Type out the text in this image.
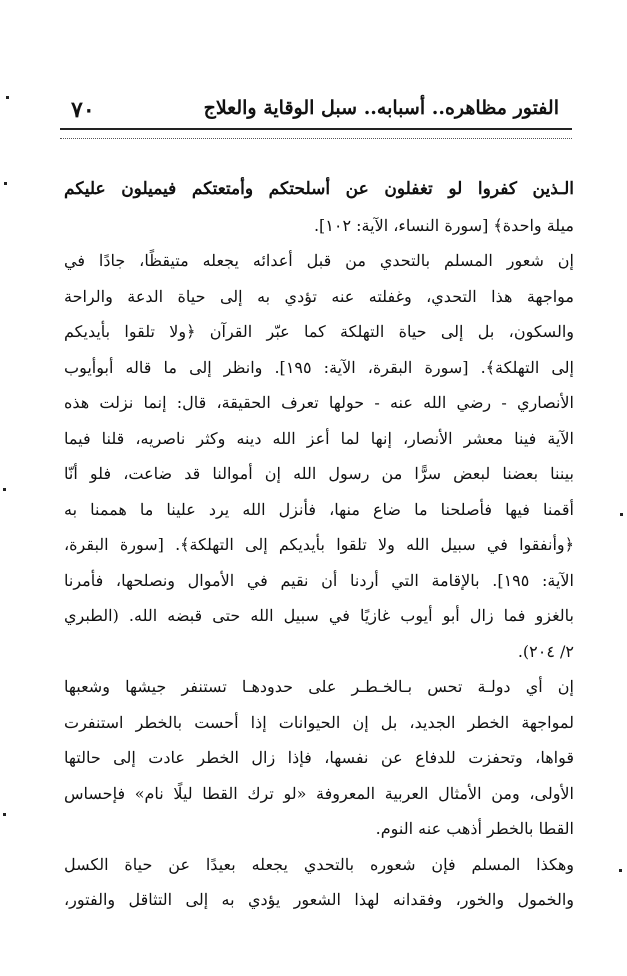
٧٠	الفتور مظاهره.. أسبابه.. سبل الوقاية والعلاج
الـذين كفروا لو تغفلون عن أسلحتكم وأمتعتكم فيميلون عليكم
ميلة واحدة﴾ [سورة النساء، الآية: ١٠٢].
إن شعور المسلم بالتحدي من قبل أعدائه يجعله متيقظًا، جادًا في
مواجهة هذا التحدي، وغفلته عنه تؤدي به إلى حياة الدعة والراحة
والسكون، بل إلى حياة التهلكة كما عبّر القرآن ﴿ولا تلقوا بأيديكم
إلى التهلكة﴾. [سورة البقرة، الآية: ١٩٥]. وانظر إلى ما قاله أبوأيوب
الأنصاري - رضي الله عنه - حولها تعرف الحقيقة، قال: إنما نزلت هذه
الآية فينا معشر الأنصار، إنها لما أعز الله دينه وكثر ناصريه، قلنا فيما
بيننا بعضنا لبعض سرًّا من رسول الله إن أموالنا قد ضاعت، فلو أنّا
أقمنا فيها فأصلحنا ما ضاع منها، فأنزل الله يرد علينا ما هممنا به
﴿وأنفقوا في سبيل الله ولا تلقوا بأيديكم إلى التهلكة﴾. [سورة البقرة،
الآية: ١٩٥]. بالإقامة التي أردنا أن نقيم في الأموال ونصلحها، فأمرنا
بالغزو فما زال أبو أيوب غازيًا في سبيل الله حتى قبضه الله. (الطبري
٢/ ٢٠٤).
إن أي دولـة تحس بـالخـطـر على حدودهـا تستنفر جيشها وشعبها
لمواجهة الخطر الجديد، بل إن الحيوانات إذا أحست بالخطر استنفرت
قواها، وتحفزت للدفاع عن نفسها، فإذا زال الخطر عادت إلى حالتها
الأولى، ومن الأمثال العربية المعروفة «لو ترك القطا ليلًا نام» فإحساس
القطا بالخطر أذهب عنه النوم.
وهكذا المسلم فإن شعوره بالتحدي يجعله بعيدًا عن حياة الكسل
والخمول والخور، وفقدانه لهذا الشعور يؤدي به إلى التثاقل والفتور،
